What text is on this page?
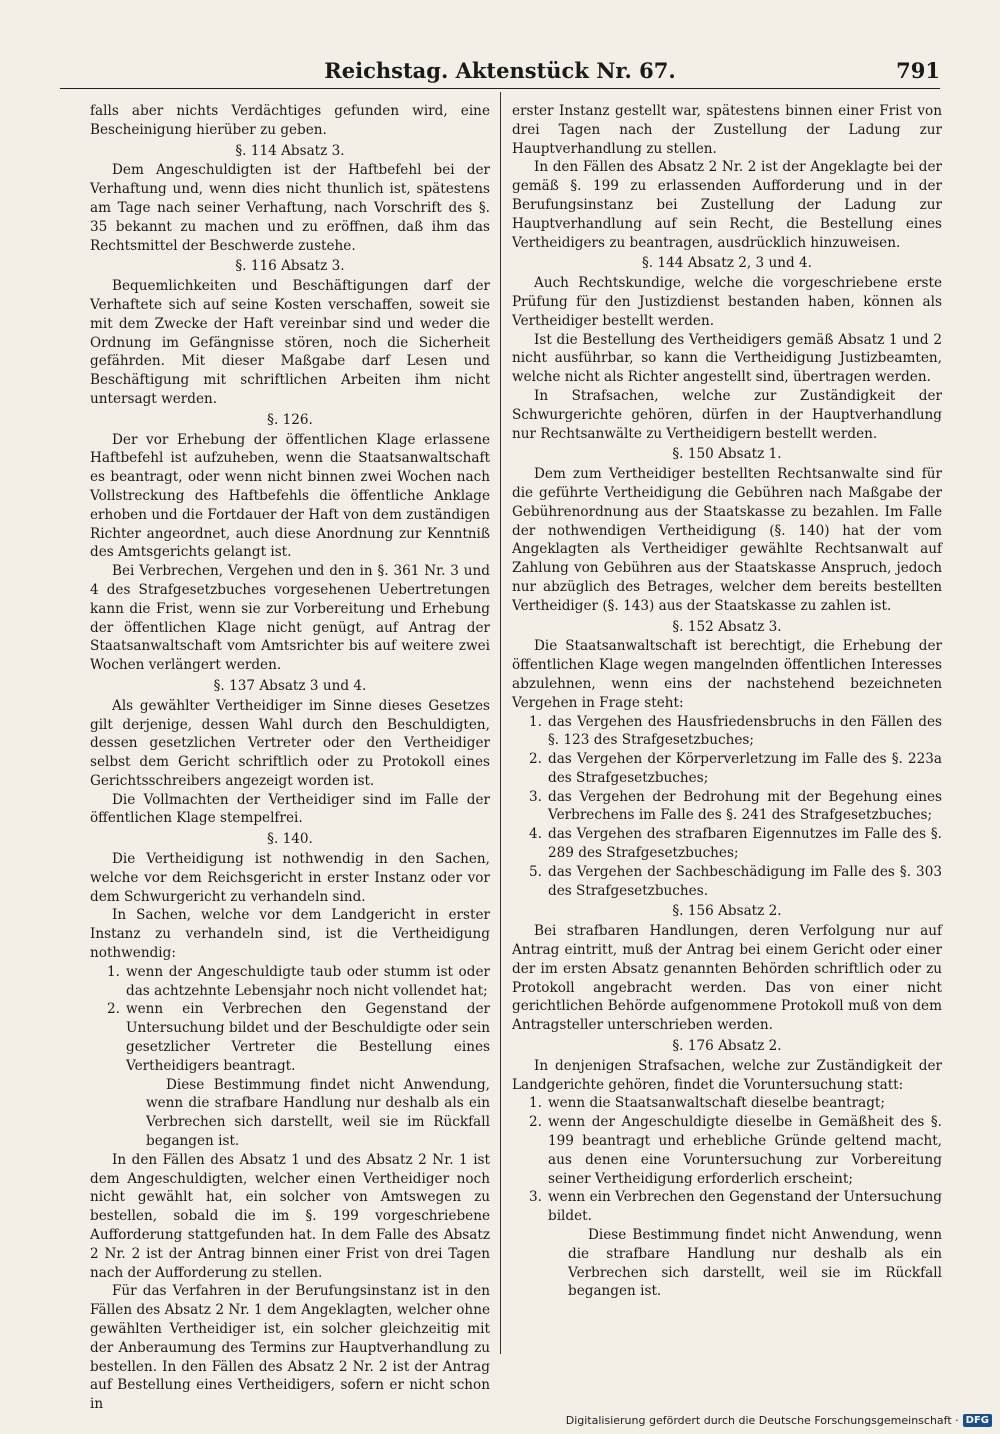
Reichstag. Aktenstück Nr. 67.	791

falls aber nichts Verdächtiges gefunden wird, eine Bescheinigung hierüber zu geben.

§. 114 Absatz 3.

Dem Angeschuldigten ist der Haftbefehl bei der Verhaftung und, wenn dies nicht thunlich ist, spätestens am Tage nach seiner Verhaftung, nach Vorschrift des §. 35 bekannt zu machen und zu eröffnen, daß ihm das Rechtsmittel der Beschwerde zustehe.

§. 116 Absatz 3.

Bequemlichkeiten und Beschäftigungen darf der Verhaftete sich auf seine Kosten verschaffen, soweit sie mit dem Zwecke der Haft vereinbar sind und weder die Ordnung im Gefängnisse stören, noch die Sicherheit gefährden. Mit dieser Maßgabe darf Lesen und Beschäftigung mit schriftlichen Arbeiten ihm nicht untersagt werden.

§. 126.

Der vor Erhebung der öffentlichen Klage erlassene Haftbefehl ist aufzuheben, wenn die Staatsanwaltschaft es beantragt, oder wenn nicht binnen zwei Wochen nach Vollstreckung des Haftbefehls die öffentliche Anklage erhoben und die Fortdauer der Haft von dem zuständigen Richter angeordnet, auch diese Anordnung zur Kenntniß des Amtsgerichts gelangt ist.

Bei Verbrechen, Vergehen und den in §. 361 Nr. 3 und 4 des Strafgesetzbuches vorgesehenen Uebertretungen kann die Frist, wenn sie zur Vorbereitung und Erhebung der öffentlichen Klage nicht genügt, auf Antrag der Staatsanwaltschaft vom Amtsrichter bis auf weitere zwei Wochen verlängert werden.

§. 137 Absatz 3 und 4.

Als gewählter Vertheidiger im Sinne dieses Gesetzes gilt derjenige, dessen Wahl durch den Beschuldigten, dessen gesetzlichen Vertreter oder den Vertheidiger selbst dem Gericht schriftlich oder zu Protokoll eines Gerichtsschreibers angezeigt worden ist.

Die Vollmachten der Vertheidiger sind im Falle der öffentlichen Klage stempelfrei.

§. 140.

Die Vertheidigung ist nothwendig in den Sachen, welche vor dem Reichsgericht in erster Instanz oder vor dem Schwurgericht zu verhandeln sind.

In Sachen, welche vor dem Landgericht in erster Instanz zu verhandeln sind, ist die Vertheidigung nothwendig:

1. wenn der Angeschuldigte taub oder stumm ist oder das achtzehnte Lebensjahr noch nicht vollendet hat;
2. wenn ein Verbrechen den Gegenstand der Untersuchung bildet und der Beschuldigte oder sein gesetzlicher Vertreter die Bestellung eines Vertheidigers beantragt.

Diese Bestimmung findet nicht Anwendung, wenn die strafbare Handlung nur deshalb als ein Verbrechen sich darstellt, weil sie im Rückfall begangen ist.

In den Fällen des Absatz 1 und des Absatz 2 Nr. 1 ist dem Angeschuldigten, welcher einen Vertheidiger noch nicht gewählt hat, ein solcher von Amtswegen zu bestellen, sobald die im §. 199 vorgeschriebene Aufforderung stattgefunden hat. In dem Falle des Absatz 2 Nr. 2 ist der Antrag binnen einer Frist von drei Tagen nach der Aufforderung zu stellen.

Für das Verfahren in der Berufungsinstanz ist in den Fällen des Absatz 2 Nr. 1 dem Angeklagten, welcher ohne gewählten Vertheidiger ist, ein solcher gleichzeitig mit der Anberaumung des Termins zur Hauptverhandlung zu bestellen. In den Fällen des Absatz 2 Nr. 2 ist der Antrag auf Bestellung eines Vertheidigers, sofern er nicht schon in

erster Instanz gestellt war, spätestens binnen einer Frist von drei Tagen nach der Zustellung der Ladung zur Hauptverhandlung zu stellen.

In den Fällen des Absatz 2 Nr. 2 ist der Angeklagte bei der gemäß §. 199 zu erlassenden Aufforderung und in der Berufungsinstanz bei Zustellung der Ladung zur Hauptverhandlung auf sein Recht, die Bestellung eines Vertheidigers zu beantragen, ausdrücklich hinzuweisen.

§. 144 Absatz 2, 3 und 4.

Auch Rechtskundige, welche die vorgeschriebene erste Prüfung für den Justizdienst bestanden haben, können als Vertheidiger bestellt werden.

Ist die Bestellung des Vertheidigers gemäß Absatz 1 und 2 nicht ausführbar, so kann die Vertheidigung Justizbeamten, welche nicht als Richter angestellt sind, übertragen werden.

In Strafsachen, welche zur Zuständigkeit der Schwurgerichte gehören, dürfen in der Hauptverhandlung nur Rechtsanwälte zu Vertheidigern bestellt werden.

§. 150 Absatz 1.

Dem zum Vertheidiger bestellten Rechtsanwalte sind für die geführte Vertheidigung die Gebühren nach Maßgabe der Gebührenordnung aus der Staatskasse zu bezahlen. Im Falle der nothwendigen Vertheidigung (§. 140) hat der vom Angeklagten als Vertheidiger gewählte Rechtsanwalt auf Zahlung von Gebühren aus der Staatskasse Anspruch, jedoch nur abzüglich des Betrages, welcher dem bereits bestellten Vertheidiger (§. 143) aus der Staatskasse zu zahlen ist.

§. 152 Absatz 3.

Die Staatsanwaltschaft ist berechtigt, die Erhebung der öffentlichen Klage wegen mangelnden öffentlichen Interesses abzulehnen, wenn eins der nachstehend bezeichneten Vergehen in Frage steht:

1. das Vergehen des Hausfriedensbruchs in den Fällen des §. 123 des Strafgesetzbuches;
2. das Vergehen der Körperverletzung im Falle des §. 223a des Strafgesetzbuches;
3. das Vergehen der Bedrohung mit der Begehung eines Verbrechens im Falle des §. 241 des Strafgesetzbuches;
4. das Vergehen des strafbaren Eigennutzes im Falle des §. 289 des Strafgesetzbuches;
5. das Vergehen der Sachbeschädigung im Falle des §. 303 des Strafgesetzbuches.

§. 156 Absatz 2.

Bei strafbaren Handlungen, deren Verfolgung nur auf Antrag eintritt, muß der Antrag bei einem Gericht oder einer der im ersten Absatz genannten Behörden schriftlich oder zu Protokoll angebracht werden. Das von einer nicht gerichtlichen Behörde aufgenommene Protokoll muß von dem Antragsteller unterschrieben werden.

§. 176 Absatz 2.

In denjenigen Strafsachen, welche zur Zuständigkeit der Landgerichte gehören, findet die Voruntersuchung statt:

1. wenn die Staatsanwaltschaft dieselbe beantragt;
2. wenn der Angeschuldigte dieselbe in Gemäßheit des §. 199 beantragt und erhebliche Gründe geltend macht, aus denen eine Voruntersuchung zur Vorbereitung seiner Vertheidigung erforderlich erscheint;
3. wenn ein Verbrechen den Gegenstand der Untersuchung bildet.

Diese Bestimmung findet nicht Anwendung, wenn die strafbare Handlung nur deshalb als ein Verbrechen sich darstellt, weil sie im Rückfall begangen ist.

Digitalisierung gefördert durch die Deutsche Forschungsgemeinschaft · DFG
